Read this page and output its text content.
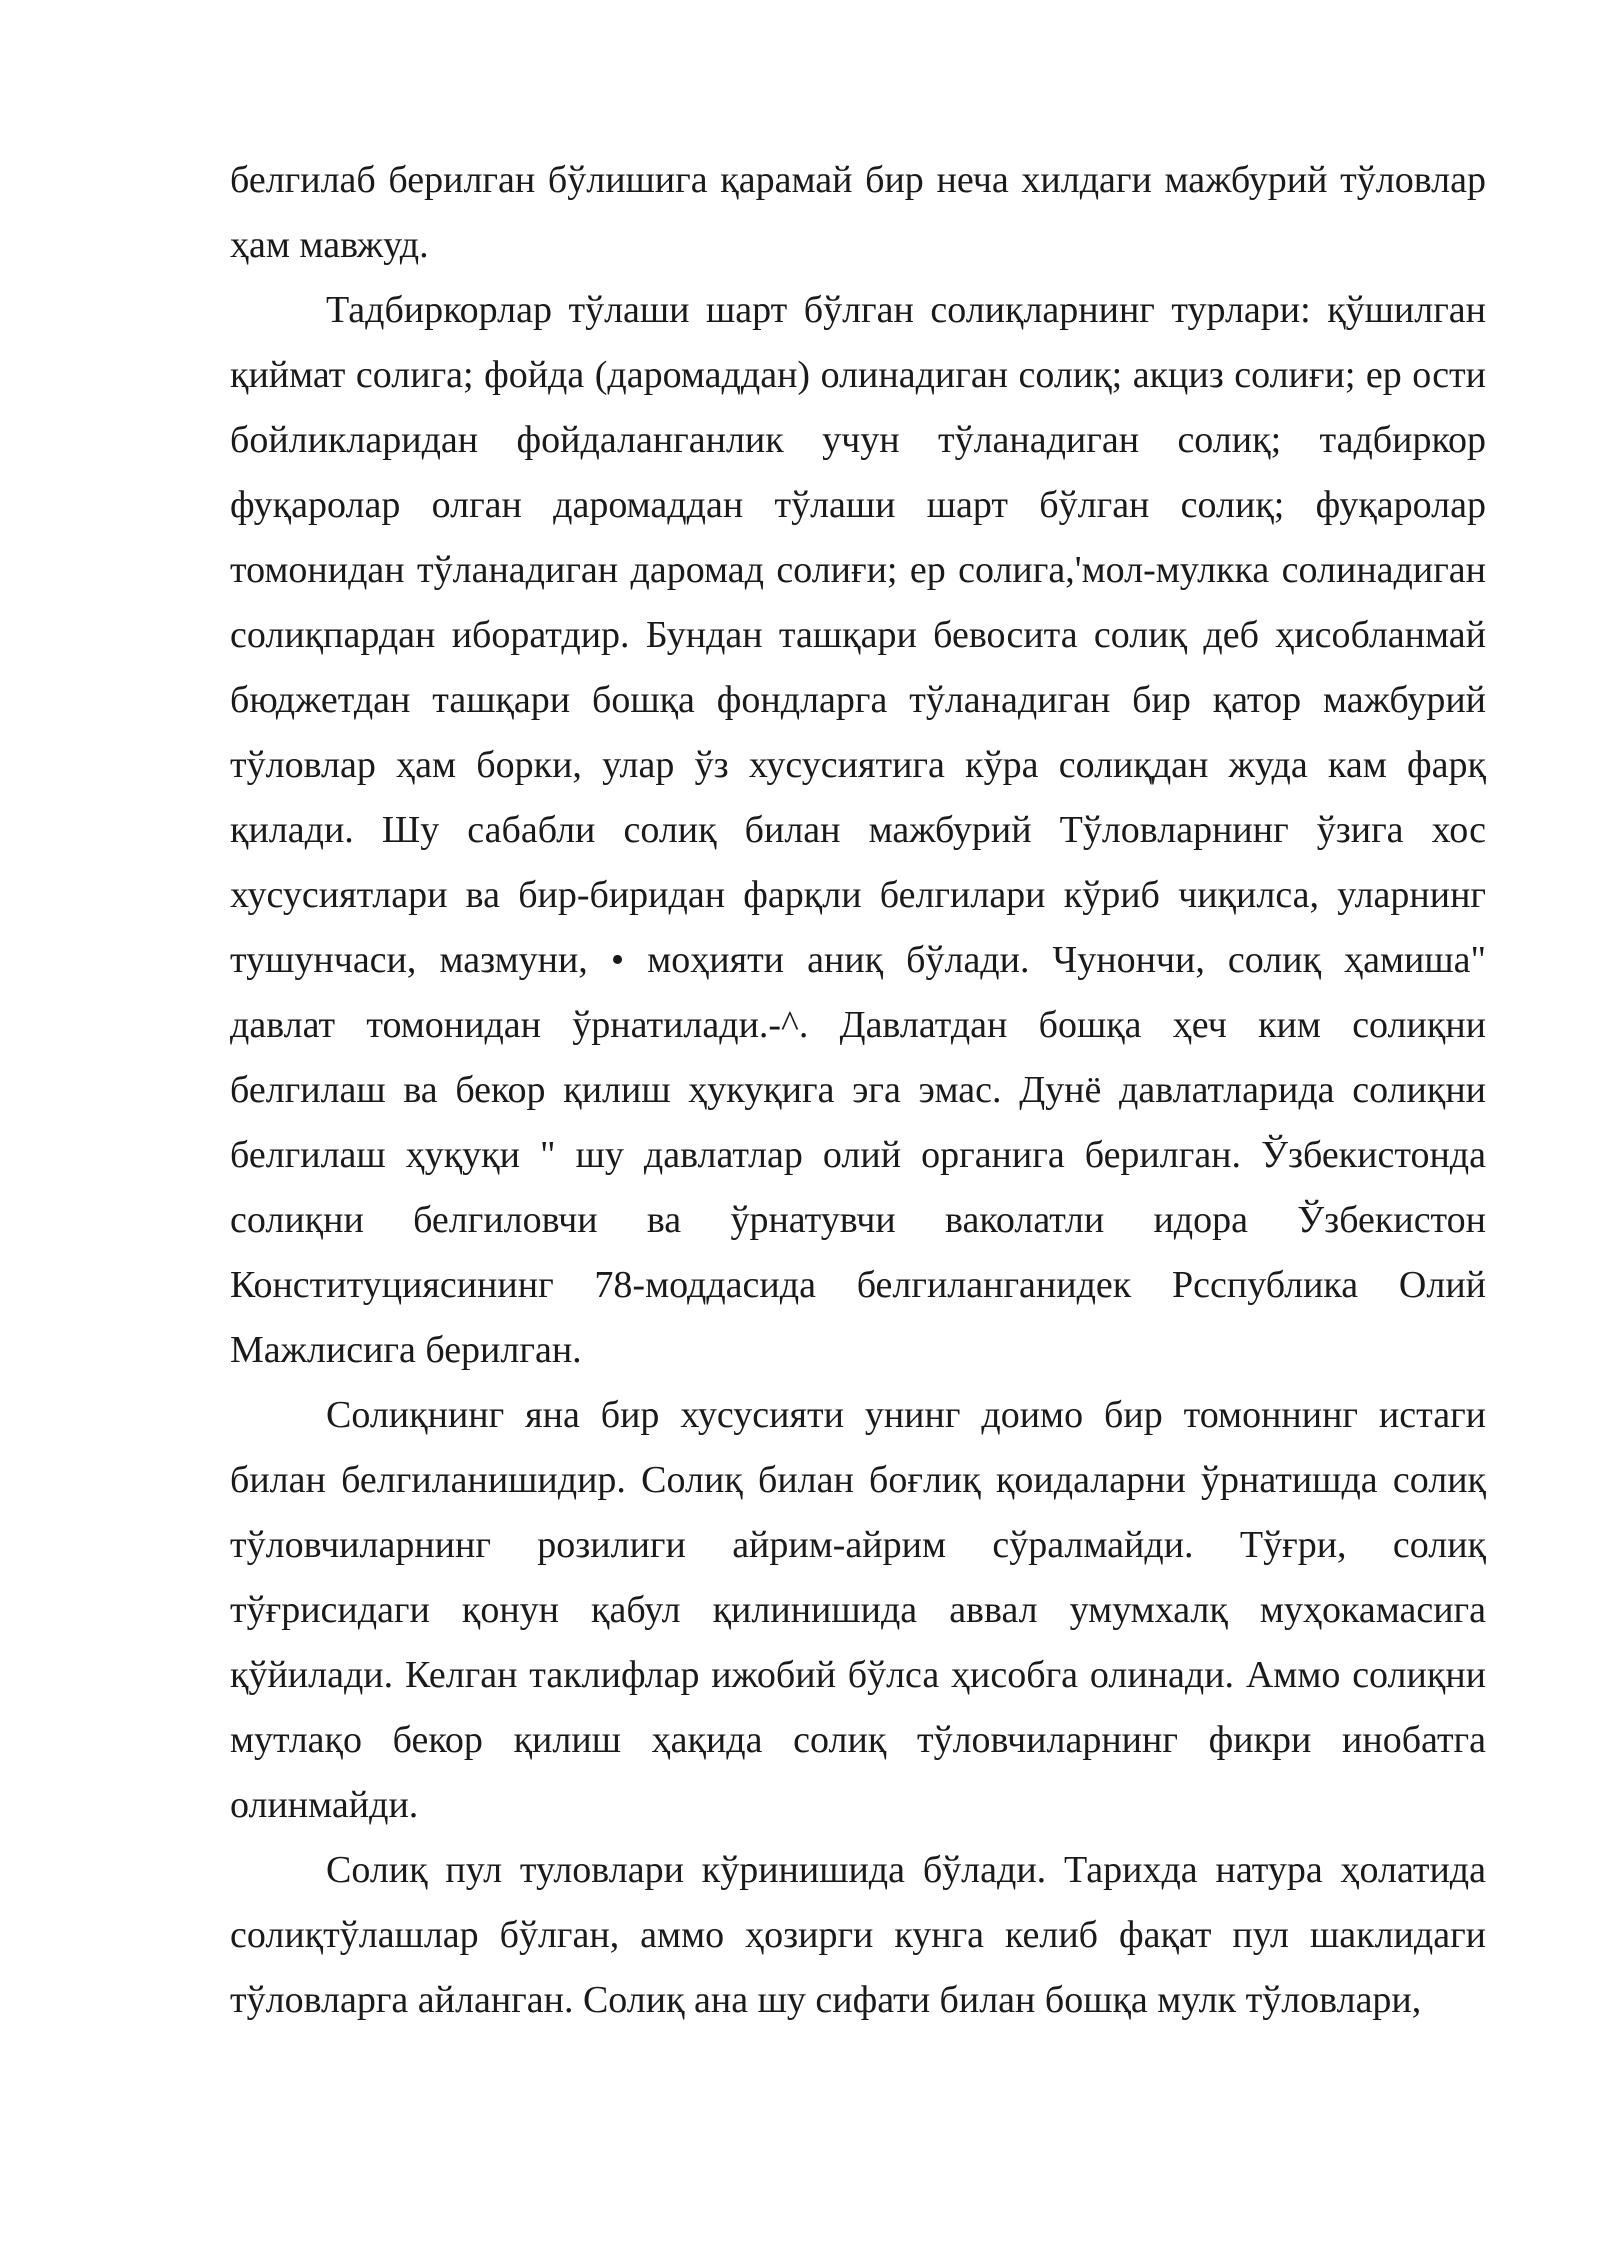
белгилаб берилган бўлишига қарамай бир неча хилдаги мажбурий тўловлар ҳам мавжуд.

Тадбиркорлар тўлаши шарт бўлган солиқларнинг турлари: қўшилган қиймат солига; фойда (даромаддан) олинадиган солиқ; акциз солиғи; ер ости бойликларидан фойдаланганлик учун тўланадиган солиқ; тадбиркор фуқаролар олган даромаддан тўлаши шарт бўлган солиқ; фуқаролар томонидан тўланадиган даромад солиғи; ер солига,'мол-мулкка солинадиган солиқпардан иборатдир. Бундан ташқари бевосита солиқ деб ҳисобланмай бюджетдан ташқари бошқа фондларга тўланадиган бир қатор мажбурий тўловлар ҳам борки, улар ўз хусусиятига кўра солиқдан жуда кам фарқ қилади. Шу сабабли солиқ билан мажбурий Тўловларнинг ўзига хос хусусиятлари ва бир-биридан фарқли белгилари кўриб чиқилса, уларнинг тушунчаси, мазмуни, • моҳияти аниқ бўлади. Чунончи, солиқ ҳамиша" давлат томонидан ўрнатилади.-^. Давлатдан бошқа ҳеч ким солиқни белгилаш ва бекор қилиш ҳукуқига эга эмас. Дунё давлатларида солиқни белгилаш ҳуқуқи " шу давлатлар олий органига берилган. Ўзбекистонда солиқни белгиловчи ва ўрнатувчи ваколатли идора Ўзбекистон Конституциясининг 78-моддасида белгиланганидек Рсспублика Олий Мажлисига берилган.

Солиқнинг яна бир хусусияти унинг доимо бир томоннинг истаги билан белгиланишидир. Солиқ билан боғлиқ қоидаларни ўрнатишда солиқ тўловчиларнинг розилиги айрим-айрим сўралмайди. Тўғри, солиқ тўғрисидаги қонун қабул қилинишида аввал умумхалқ муҳокамасига қўйилади. Келган таклифлар ижобий бўлса ҳисобга олинади. Аммо солиқни мутлақо бекор қилиш ҳақида солиқ тўловчиларнинг фикри инобатга олинмайди.

Солиқ пул туловлари кўринишида бўлади. Тарихда натура ҳолатида солиқтўлашлар бўлган, аммо ҳозирги кунга келиб фақат пул шаклидаги тўловларга айланган. Солиқ ана шу сифати билан бошқа мулк тўловлари,
